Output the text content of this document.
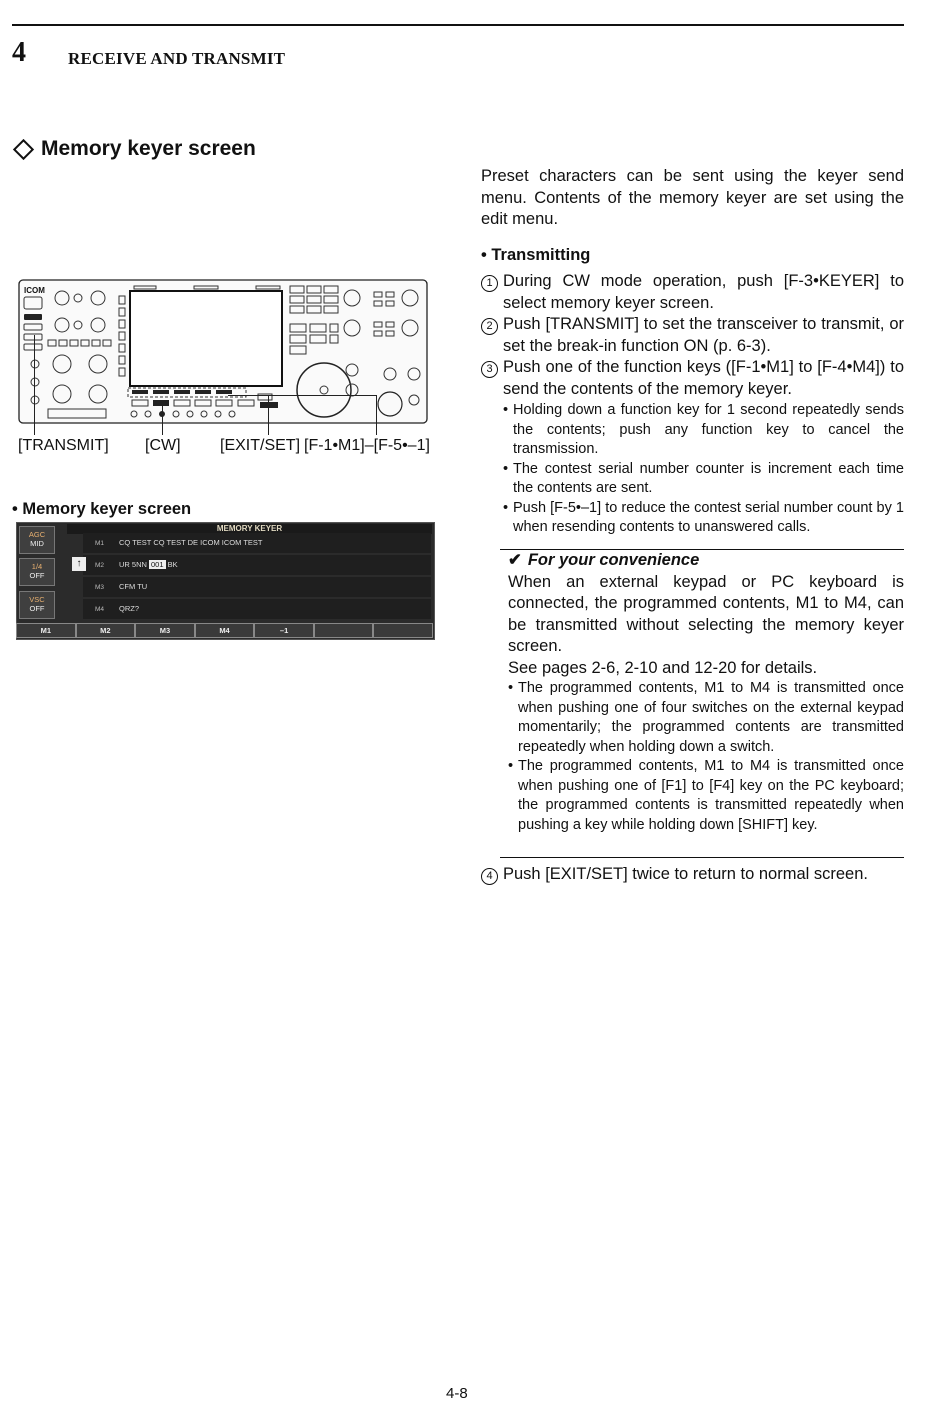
4 RECEIVE AND TRANSMIT
Memory keyer screen
ICOM
[TRANSMIT] [CW] [EXIT/SET] [F-1•M1]–[F-5•–1]
• Memory keyer screen
MEMORY KEYER
AGC
MID
1/4
OFF
VSC
OFF
M1 CQ TEST CQ TEST DE ICOM ICOM TEST
M2 UR 5NN 001 BK
M3 CFM TU
M4 QRZ?
↑
M1	M2	M3	M4	–1
Preset characters can be sent using the keyer send menu. Contents of the memory keyer are set using the edit menu.
• Transmitting
1 During CW mode operation, push [F-3•KEYER] to select memory keyer screen.
2 Push [TRANSMIT] to set the transceiver to transmit, or set the break-in function ON (p. 6-3).
3 Push one of the function keys ([F-1•M1] to [F-4•M4]) to send the contents of the memory keyer.
• Holding down a function key for 1 second repeatedly sends the contents; push any function key to cancel the transmission.
• The contest serial number counter is increment each time the contents are sent.
• Push [F-5•–1] to reduce the contest serial number count by 1 when resending contents to unanswered calls.
✔ For your convenience
When an external keypad or PC keyboard is connected, the programmed contents, M1 to M4, can be transmitted without selecting the memory keyer screen.
See pages 2-6, 2-10 and 12-20 for details.
• The programmed contents, M1 to M4 is transmitted once when pushing one of four switches on the external keypad momentarily; the programmed contents are transmitted repeatedly when holding down a switch.
• The programmed contents, M1 to M4 is transmitted once when pushing one of [F1] to [F4] key on the PC keyboard; the programmed contents is transmitted repeatedly when pushing a key while holding down [SHIFT] key.
4 Push [EXIT/SET] twice to return to normal screen.
4-8
